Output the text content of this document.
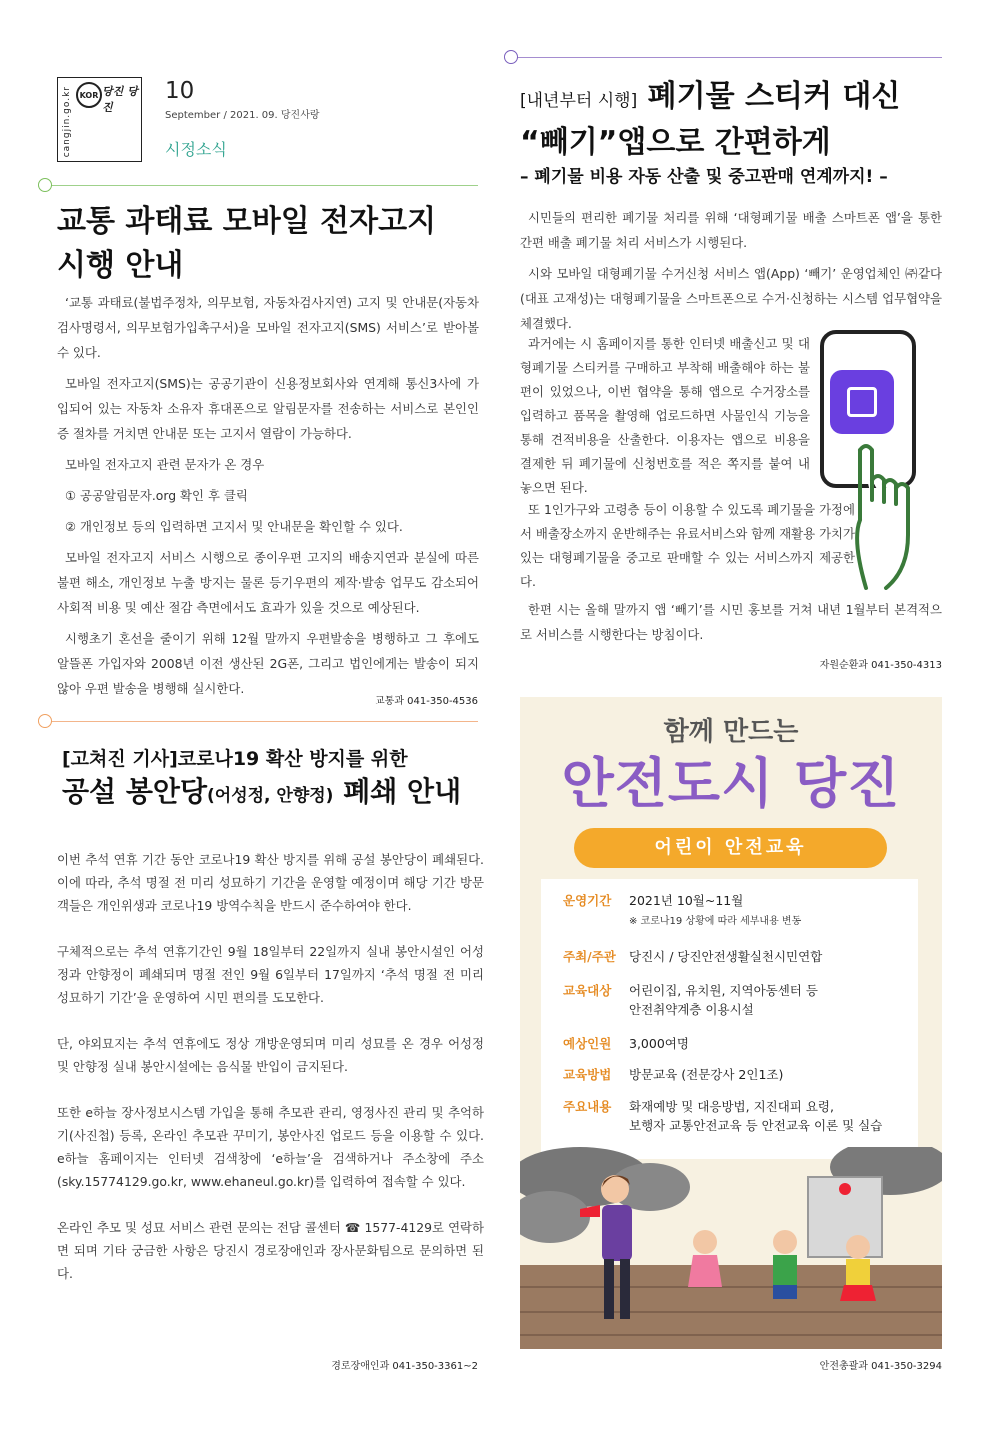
cangjin.go.kr KOR 당진 당진
10
September / 2021. 09. 당진사랑
시정소식
교통 과태료 모바일 전자고지
시행 안내

‘교통 과태료(불법주정차, 의무보험, 자동차검사지연) 고지 및 안내문(자동차검사명령서, 의무보험가입촉구서)을 모바일 전자고지(SMS) 서비스’로 받아볼 수 있다.

모바일 전자고지(SMS)는 공공기관이 신용정보회사와 연계해 통신3사에 가입되어 있는 자동차 소유자 휴대폰으로 알림문자를 전송하는 서비스로 본인인증 절차를 거치면 안내문 또는 고지서 열람이 가능하다.

모바일 전자고지 관련 문자가 온 경우

① 공공알림문자.org 확인 후 클릭

② 개인정보 등의 입력하면 고지서 및 안내문을 확인할 수 있다.

모바일 전자고지 서비스 시행으로 종이우편 고지의 배송지연과 분실에 따른 불편 해소, 개인정보 누출 방지는 물론 등기우편의 제작·발송 업무도 감소되어 사회적 비용 및 예산 절감 측면에서도 효과가 있을 것으로 예상된다.

시행초기 혼선을 줄이기 위해 12월 말까지 우편발송을 병행하고 그 후에도 알뜰폰 가입자와 2008년 이전 생산된 2G폰, 그리고 법인에게는 발송이 되지 않아 우편 발송을 병행해 실시한다.

교통과 041-350-4536
[고쳐진 기사]코로나19 확산 방지를 위한
공설 봉안당(어성정, 안향정) 폐쇄 안내

이번 추석 연휴 기간 동안 코로나19 확산 방지를 위해 공설 봉안당이 폐쇄된다. 이에 따라, 추석 명절 전 미리 성묘하기 기간을 운영할 예정이며 해당 기간 방문객들은 개인위생과 코로나19 방역수칙을 반드시 준수하여야 한다.

구체적으로는 추석 연휴기간인 9월 18일부터 22일까지 실내 봉안시설인 어성정과 안향정이 폐쇄되며 명절 전인 9월 6일부터 17일까지 ‘추석 명절 전 미리 성묘하기 기간’을 운영하여 시민 편의를 도모한다.

단, 야외묘지는 추석 연휴에도 정상 개방운영되며 미리 성묘를 온 경우 어성정 및 안향정 실내 봉안시설에는 음식물 반입이 금지된다.

또한 e하늘 장사정보시스템 가입을 통해 추모관 관리, 영정사진 관리 및 추억하기(사진첩) 등록, 온라인 추모관 꾸미기, 봉안사진 업로드 등을 이용할 수 있다. e하늘 홈페이지는 인터넷 검색창에 ‘e하늘’을 검색하거나 주소창에 주소(sky.15774129.go.kr, www.ehaneul.go.kr)를 입력하여 접속할 수 있다.

온라인 추모 및 성묘 서비스 관련 문의는 전담 콜센터 ☎ 1577-4129로 연락하면 되며 기타 궁금한 사항은 당진시 경로장애인과 장사문화팀으로 문의하면 된다.

경로장애인과 041-350-3361~2
[내년부터 시행] 폐기물 스티커 대신
“빼기”앱으로 간편하게
– 폐기물 비용 자동 산출 및 중고판매 연계까지! –

시민들의 편리한 폐기물 처리를 위해 ‘대형폐기물 배출 스마트폰 앱’을 통한 간편 배출 폐기물 처리 서비스가 시행된다.

시와 모바일 대형폐기물 수거신청 서비스 앱(App) ‘빼기’ 운영업체인 ㈜같다(대표 고재성)는 대형폐기물을 스마트폰으로 수거·신청하는 시스템 업무협약을 체결했다.

과거에는 시 홈페이지를 통한 인터넷 배출신고 및 대형폐기물 스티커를 구매하고 부착해 배출해야 하는 불편이 있었으나, 이번 협약을 통해 앱으로 수거장소를 입력하고 품목을 촬영해 업로드하면 사물인식 기능을 통해 견적비용을 산출한다. 이용자는 앱으로 비용을 결제한 뒤 폐기물에 신청번호를 적은 쪽지를 붙여 내놓으면 된다.

또 1인가구와 고령층 등이 이용할 수 있도록 폐기물을 가정에서 배출장소까지 운반해주는 유료서비스와 함께 재활용 가치가 있는 대형폐기물을 중고로 판매할 수 있는 서비스까지 제공한다.

한편 시는 올해 말까지 앱 ‘빼기’를 시민 홍보를 거쳐 내년 1월부터 본격적으로 서비스를 시행한다는 방침이다.

자원순환과 041-350-4313
함께 만드는
안전도시 당진
어린이 안전교육
운영기간	2021년 10월~11월
※ 코로나19 상황에 따라 세부내용 변동
주최/주관	당진시 / 당진안전생활실천시민연합
교육대상	어린이집, 유치원, 지역아동센터 등
안전취약계층 이용시설
예상인원	3,000여명
교육방법	방문교육 (전문강사 2인1조)
주요내용	화재예방 및 대응방법, 지진대피 요령,
보행자 교통안전교육 등 안전교육 이론 및 실습
안전총괄과 041-350-3294
